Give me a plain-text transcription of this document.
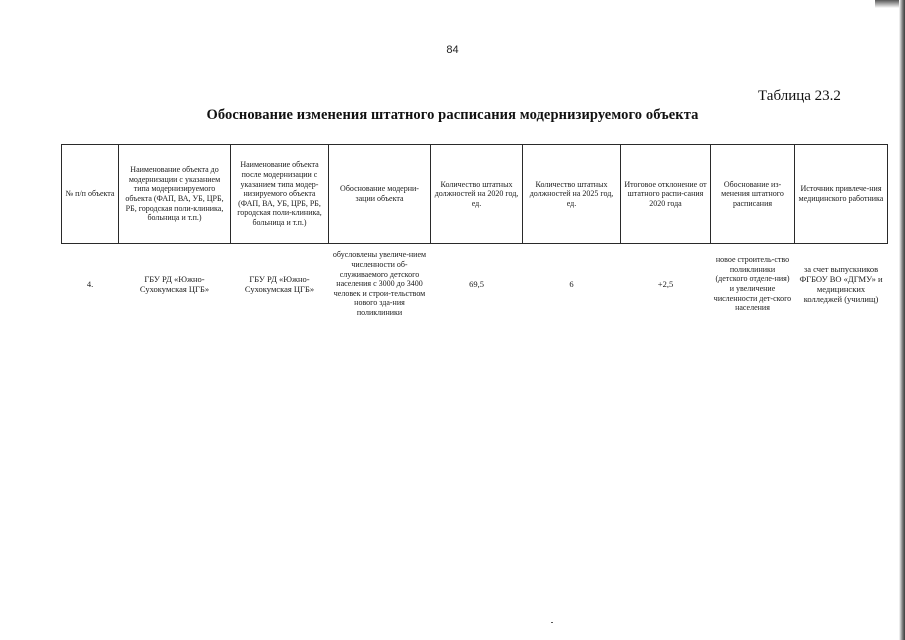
84
Таблица 23.2
Обоснование изменения штатного расписания модернизируемого объекта
№ п/п объекта	Наименование объекта до модернизации с указанием типа модернизируемого объекта (ФАП, ВА, УБ, ЦРБ, РБ, городская поли-клиника, больница и т.п.)	Наименование объекта после модернизации с указанием типа модер-низируемого объекта (ФАП, ВА, УБ, ЦРБ, РБ, городская поли-клиника, больница и т.п.)	Обоснование модерни-зации объекта	Количество штатных должностей на 2020 год, ед.	Количество штатных должностей на 2025 год, ед.	Итоговое отклонение от штатного распи-сания 2020 года	Обоснование из-менения штатного расписания	Источник привлече-ния медицинского работника
4.	ГБУ РД «Южно-Сухокумская ЦГБ»	ГБУ РД «Южно-Сухокумская ЦГБ»	обусловлены увеличе-нием численности об-служиваемого детского населения с 3000 до 3400 человек и строи-тельством нового зда-ния поликлиники	69,5	6	+2,5	новое строитель-ство поликлиники (детского отделе-ния) и увеличение численности дет-ского населения	за счет выпускников ФГБОУ ВО «ДГМУ» и медицинских колледжей (училищ)
